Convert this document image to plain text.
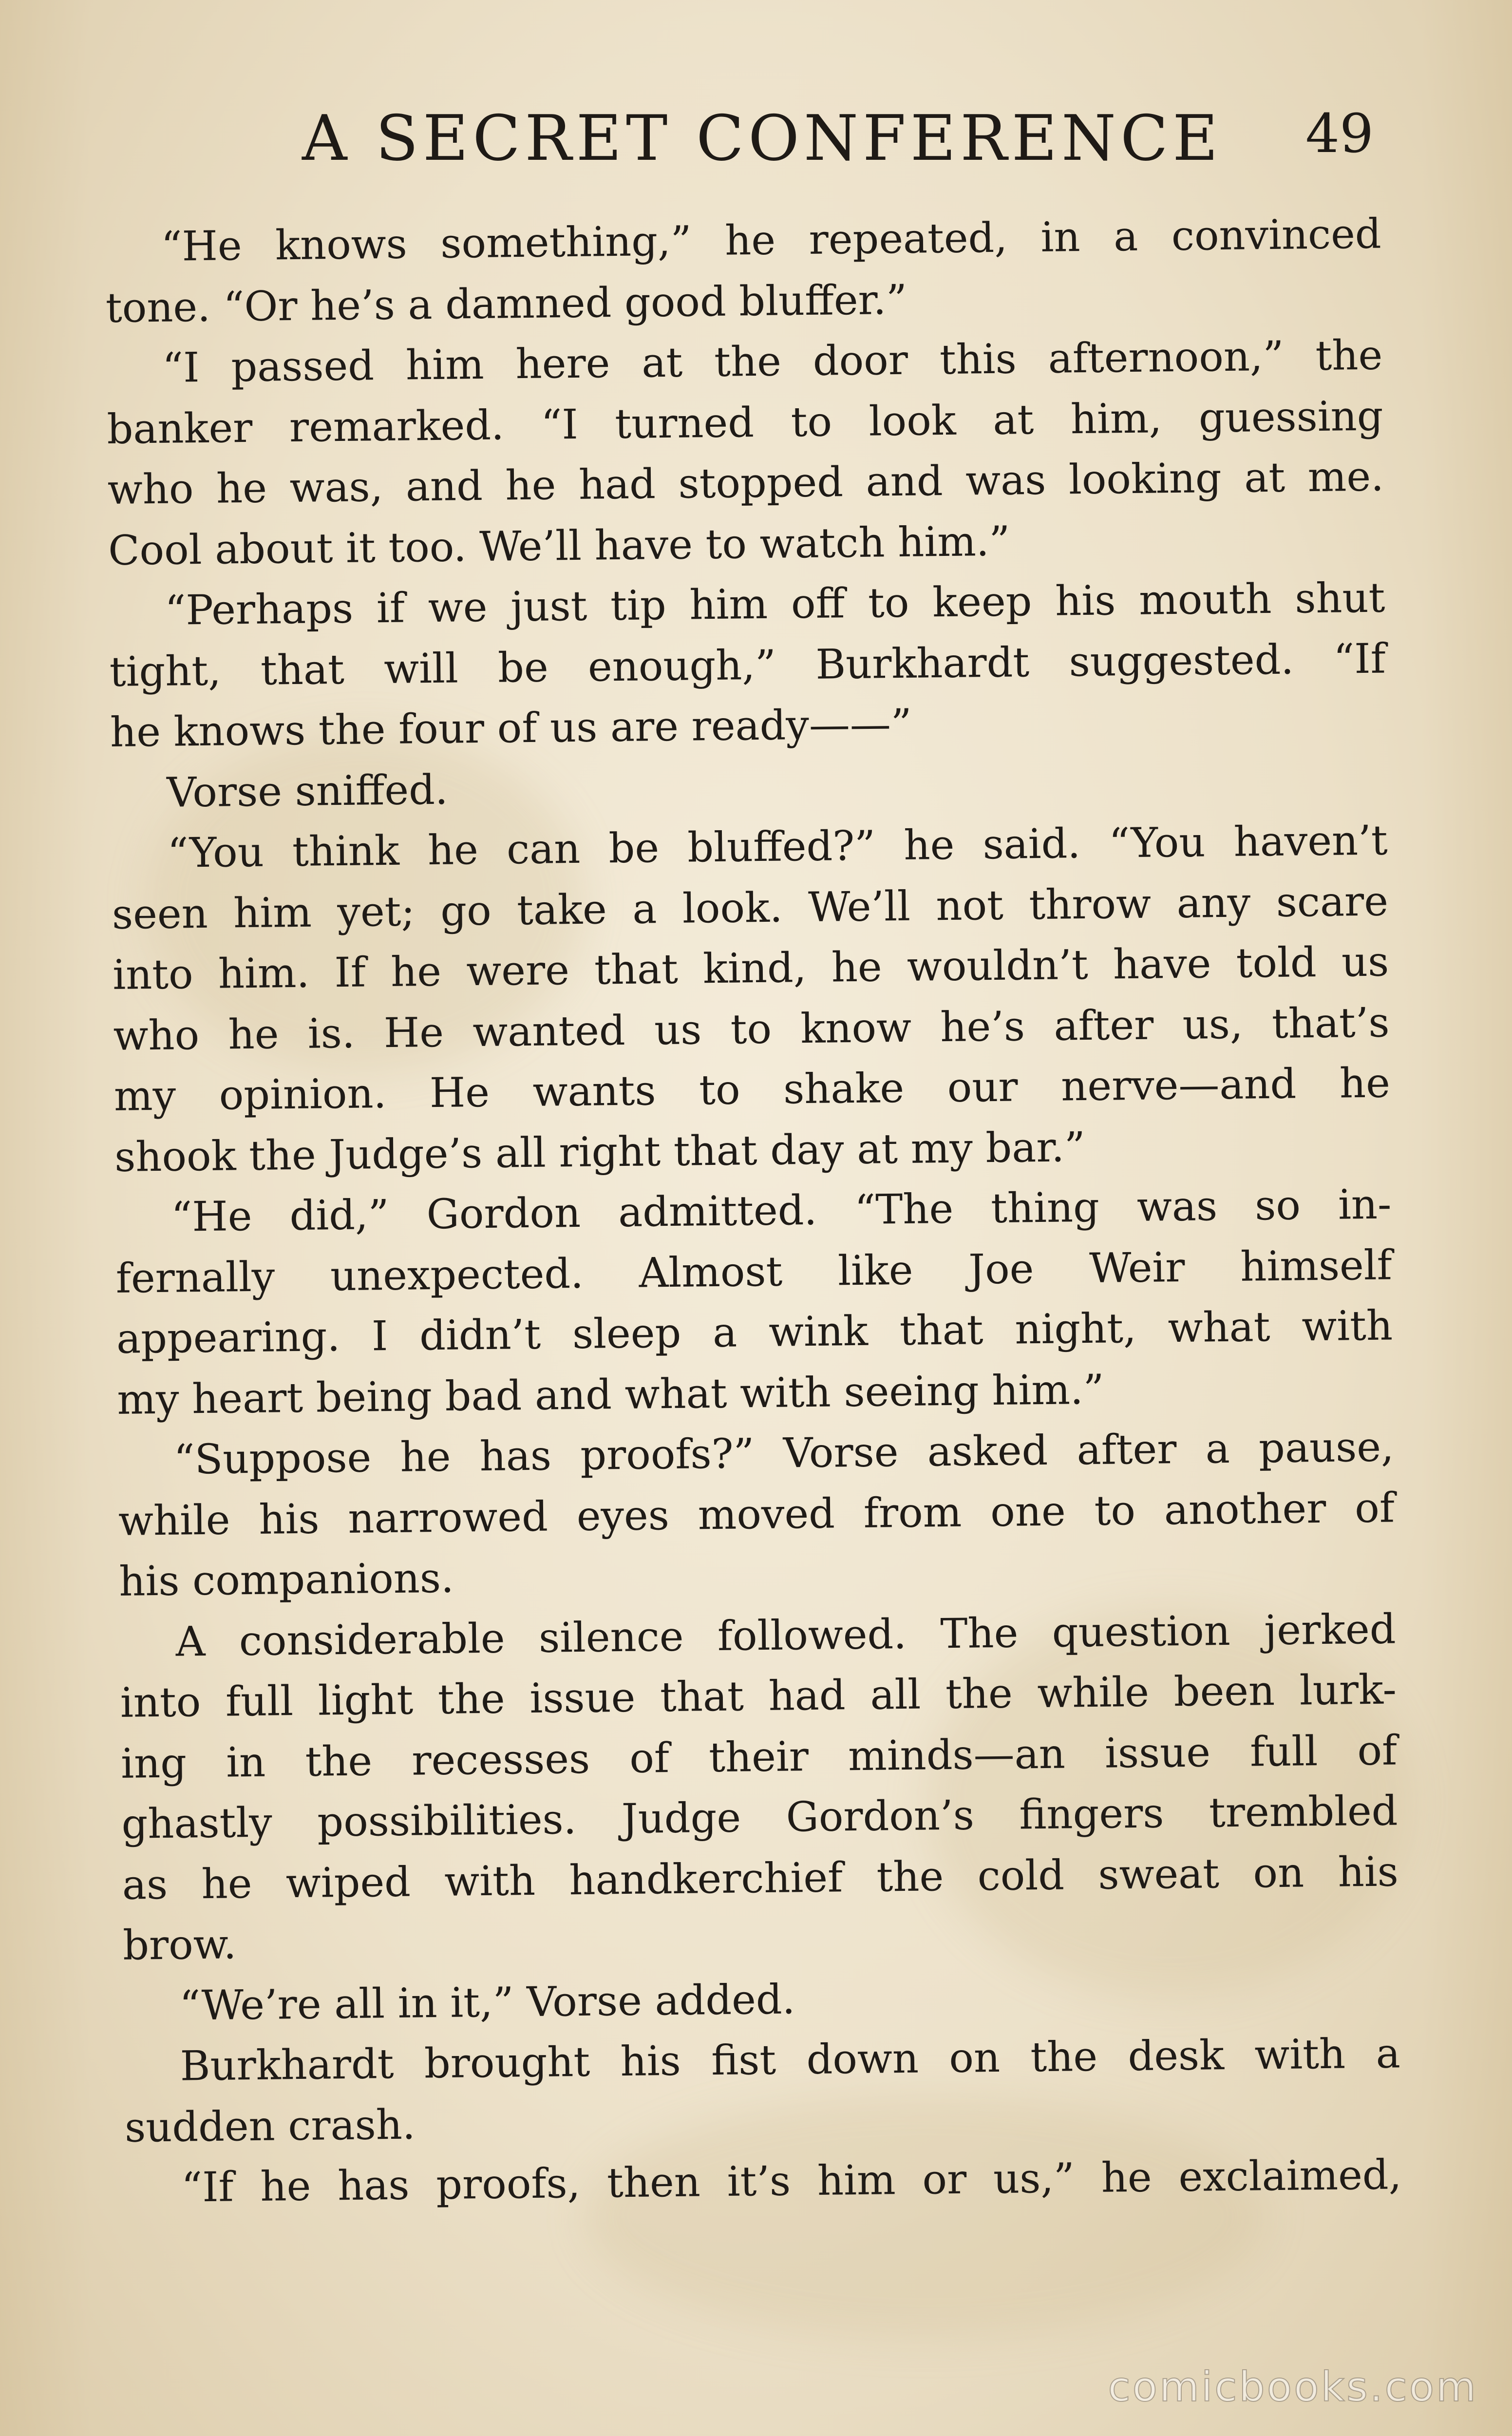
A SECRET CONFERENCE 49
“He knows something,” he repeated, in a convinced
tone. “Or he’s a damned good bluffer.”
“I passed him here at the door this afternoon,” the
banker remarked. “I turned to look at him, guessing
who he was, and he had stopped and was looking at me.
Cool about it too. We’ll have to watch him.”
“Perhaps if we just tip him off to keep his mouth shut
tight, that will be enough,” Burkhardt suggested. “If
he knows the four of us are ready——”
Vorse sniffed.
“You think he can be bluffed?” he said. “You haven’t
seen him yet; go take a look. We’ll not throw any scare
into him. If he were that kind, he wouldn’t have told us
who he is. He wanted us to know he’s after us, that’s
my opinion. He wants to shake our nerve—and he
shook the Judge’s all right that day at my bar.”
“He did,” Gordon admitted. “The thing was so in-
fernally unexpected. Almost like Joe Weir himself
appearing. I didn’t sleep a wink that night, what with
my heart being bad and what with seeing him.”
“Suppose he has proofs?” Vorse asked after a pause,
while his narrowed eyes moved from one to another of
his companions.
A considerable silence followed. The question jerked
into full light the issue that had all the while been lurk-
ing in the recesses of their minds—an issue full of
ghastly possibilities. Judge Gordon’s fingers trembled
as he wiped with handkerchief the cold sweat on his
brow.
“We’re all in it,” Vorse added.
Burkhardt brought his fist down on the desk with a
sudden crash.
“If he has proofs, then it’s him or us,” he exclaimed,
comicbooks.com
